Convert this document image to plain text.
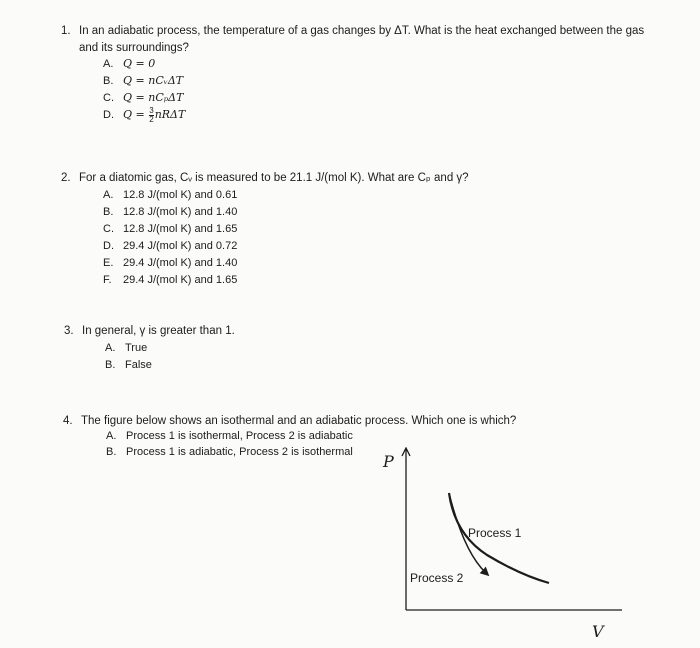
1. In an adiabatic process, the temperature of a gas changes by ΔT. What is the heat exchanged between the gas and its surroundings?
A. Q = 0
B. Q = nCᵥΔT
C. Q = nCₚΔT
D. $Q = \frac{3}{2}$ nRΔT
2. For a diatomic gas, Cᵥ is measured to be 21.1 J/(mol K). What are Cₚ and γ?
A. 12.8 J/(mol K) and 0.61
B. 12.8 J/(mol K) and 1.40
C. 12.8 J/(mol K) and 1.65
D. 29.4 J/(mol K) and 0.72
E. 29.4 J/(mol K) and 1.40
F. 29.4 J/(mol K) and 1.65
3. In general, γ is greater than 1.
A. True
B. False
4. The figure below shows an isothermal and an adiabatic process. Which one is which?
A. Process 1 is isothermal, Process 2 is adiabatic
B. Process 1 is adiabatic, Process 2 is isothermal P
V
Process 1
Process 2
